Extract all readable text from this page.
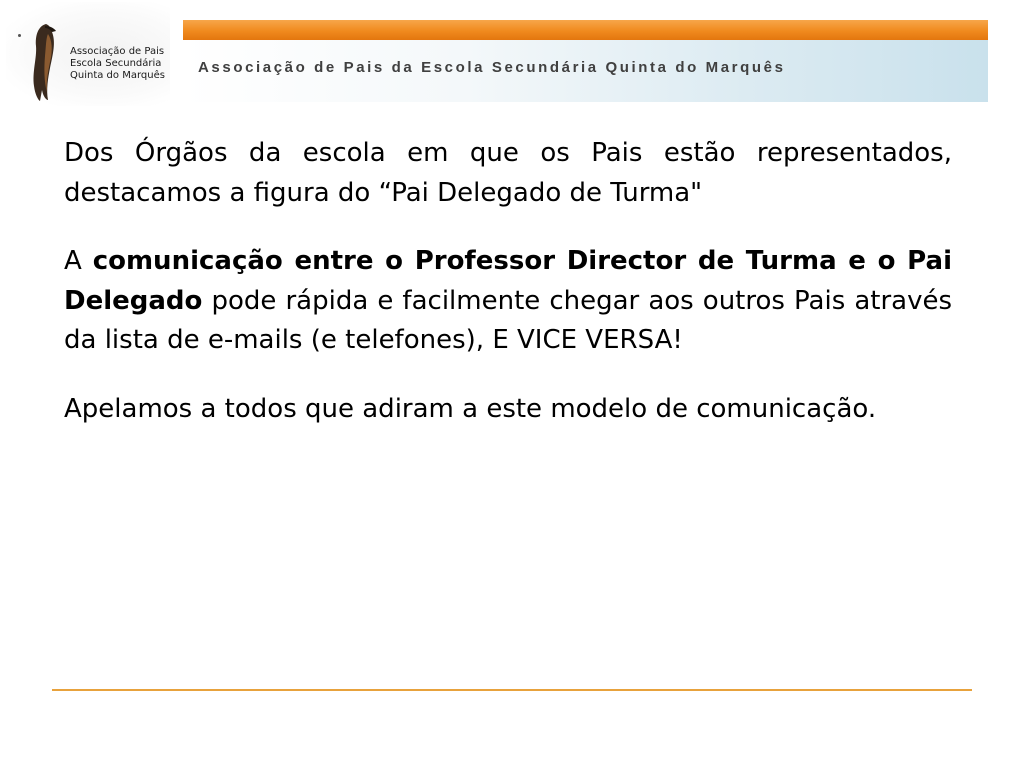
Associação de Pais
Escola Secundária
Quinta do Marquês Associação de Pais da Escola Secundária Quinta do Marquês

Dos Órgãos da escola em que os Pais estão representados, destacamos a figura do “Pai Delegado de Turma"

A comunicação entre o Professor Director de Turma e o Pai Delegado pode rápida e facilmente chegar aos outros Pais através da lista de e-mails (e telefones), E VICE VERSA!

Apelamos a todos que adiram a este modelo de comunicação.
